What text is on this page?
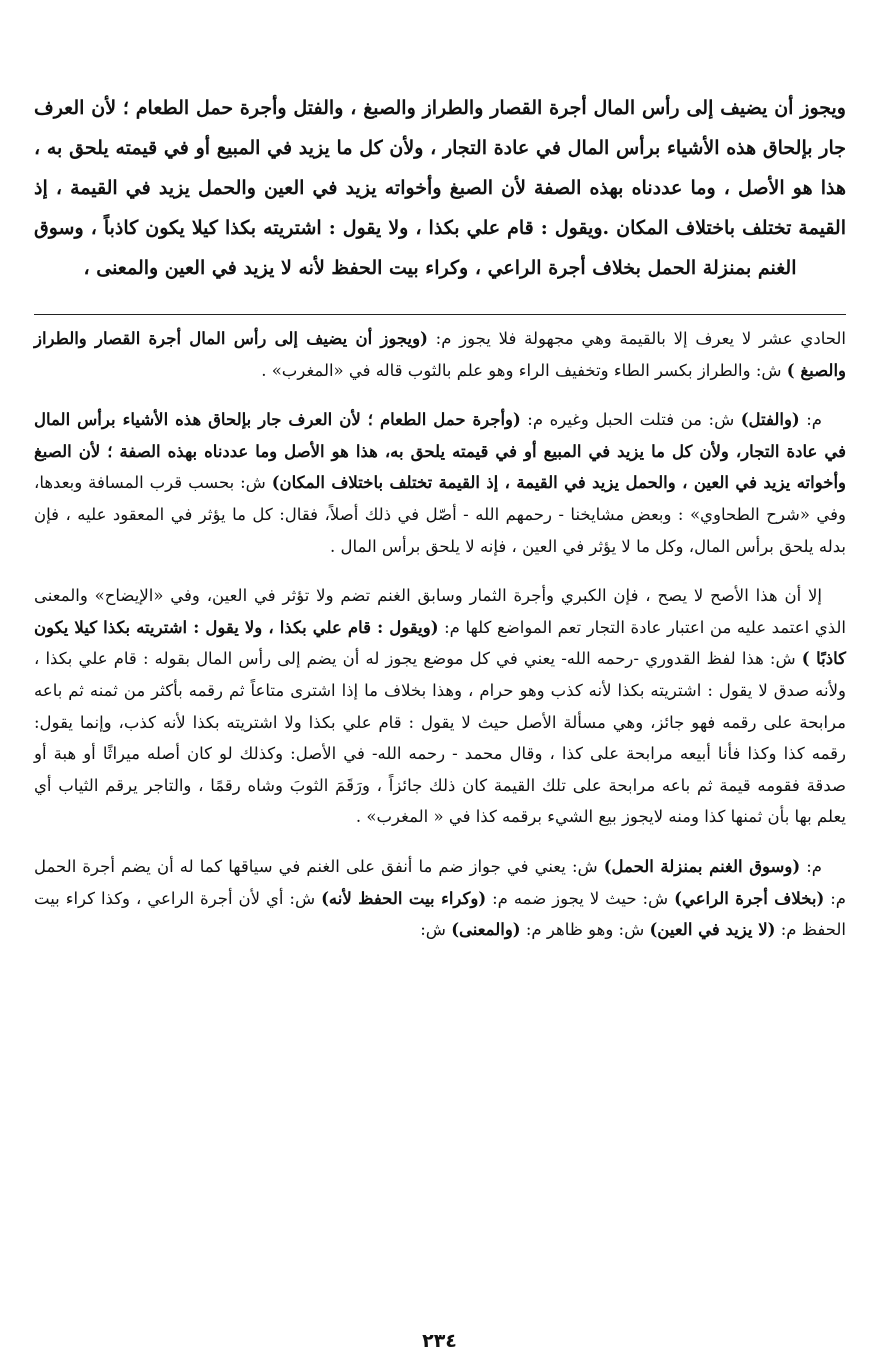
ويجوز أن يضيف إلى رأس المال أجرة القصار والطراز والصبغ ، والفتل وأجرة حمل الطعام ؛ لأن العرف جار بإلحاق هذه الأشياء برأس المال في عادة التجار ، ولأن كل ما يزيد في المبيع أو في قيمته يلحق به ، هذا هو الأصل ، وما عددناه بهذه الصفة لأن الصبغ وأخواته يزيد في العين والحمل يزيد في القيمة ، إذ القيمة تختلف باختلاف المكان .ويقول : قام علي بكذا ، ولا يقول : اشتريته بكذا كيلا يكون كاذباً ، وسوق الغنم بمنزلة الحمل بخلاف أجرة الراعي ، وكراء بيت الحفظ لأنه لا يزيد في العين والمعنى ،

الحادي عشر لا يعرف إلا بالقيمة وهي مجهولة فلا يجوز م: (ويجوز أن يضيف إلى رأس المال أجرة القصار والطراز والصبغ ) ش: والطراز بكسر الطاء وتخفيف الراء وهو علم بالثوب قاله في «المغرب» .

م: (والفتل) ش: من فتلت الحبل وغيره م: (وأجرة حمل الطعام ؛ لأن العرف جار بإلحاق هذه الأشياء برأس المال في عادة التجار، ولأن كل ما يزيد في المبيع أو في قيمته يلحق به، هذا هو الأصل وما عددناه بهذه الصفة ؛ لأن الصبغ وأخواته يزيد في العين ، والحمل يزيد في القيمة ، إذ القيمة تختلف باختلاف المكان) ش: بحسب قرب المسافة وبعدها، وفي «شرح الطحاوي» : وبعض مشايخنا - رحمهم الله - أصّل في ذلك أصلاً، فقال: كل ما يؤثر في المعقود عليه ، فإن بدله يلحق برأس المال، وكل ما لا يؤثر في العين ، فإنه لا يلحق برأس المال .

إلا أن هذا الأصح لا يصح ، فإن الكبري وأجرة الثمار وسابق الغنم تضم ولا تؤثر في العين، وفي «الإيضاح» والمعنى الذي اعتمد عليه من اعتبار عادة التجار تعم المواضع كلها م: (ويقول : قام علي بكذا ، ولا يقول : اشتريته بكذا كيلا يكون كاذبًا ) ش: هذا لفظ القدوري -رحمه الله- يعني في كل موضع يجوز له أن يضم إلى رأس المال بقوله : قام علي بكذا ، ولأنه صدق لا يقول : اشتريته بكذا لأنه كذب وهو حرام ، وهذا بخلاف ما إذا اشترى متاعاً ثم رقمه بأكثر من ثمنه ثم باعه مرابحة على رقمه فهو جائز، وهي مسألة الأصل حيث لا يقول : قام علي بكذا ولا اشتريته بكذا لأنه كذب، وإنما يقول: رقمه كذا وكذا فأنا أبيعه مرابحة على كذا ، وقال محمد - رحمه الله- في الأصل: وكذلك لو كان أصله ميراثًا أو هبة أو صدقة فقومه قيمة ثم باعه مرابحة على تلك القيمة كان ذلك جائزاً ، ورَقَمَ الثوبَ وشاه رقمًا ، والتاجر يرقم الثياب أي يعلم بها بأن ثمنها كذا ومنه لايجوز بيع الشيء برقمه كذا في « المغرب» .

م: (وسوق الغنم بمنزلة الحمل) ش: يعني في جواز ضم ما أنفق على الغنم في سياقها كما له أن يضم أجرة الحمل م: (بخلاف أجرة الراعي) ش: حيث لا يجوز ضمه م: (وكراء بيت الحفظ لأنه) ش: أي لأن أجرة الراعي ، وكذا كراء بيت الحفظ م: (لا يزيد في العين) ش: وهو ظاهر م: (والمعنى) ش:

٢٣٤
